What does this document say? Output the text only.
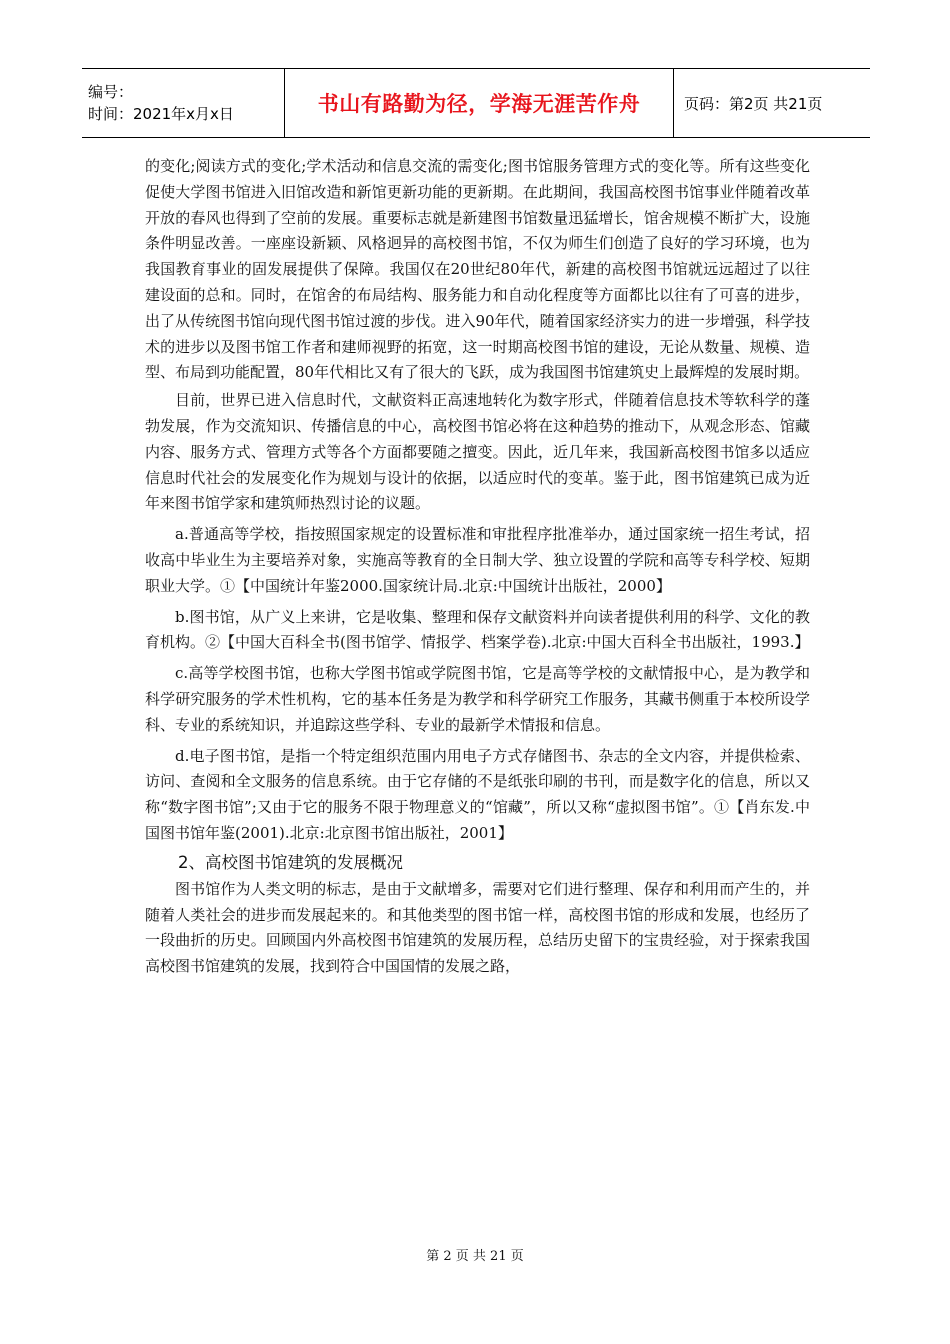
编号：
时间：2021年x月x日	书山有路勤为径，学海无涯苦作舟	页码：第2页 共21页

的变化;阅读方式的变化;学术活动和信息交流的需变化;图书馆服务管理方式的变化等。所有这些变化促使大学图书馆进入旧馆改造和新馆更新功能的更新期。在此期间，我国高校图书馆事业伴随着改革开放的春风也得到了空前的发展。重要标志就是新建图书馆数量迅猛增长，馆舍规模不断扩大，设施条件明显改善。一座座设新颖、风格迥异的高校图书馆，不仅为师生们创造了良好的学习环境，也为我国教育事业的固发展提供了保障。我国仅在20世纪80年代，新建的高校图书馆就远远超过了以往建设面的总和。同时，在馆舍的布局结构、服务能力和自动化程度等方面都比以往有了可喜的进步，出了从传统图书馆向现代图书馆过渡的步伐。进入90年代，随着国家经济实力的进一步增强，科学技术的进步以及图书馆工作者和建师视野的拓宽，这一时期高校图书馆的建设，无论从数量、规模、造型、布局到功能配置，80年代相比又有了很大的飞跃，成为我国图书馆建筑史上最辉煌的发展时期。

目前，世界已进入信息时代，文献资料正高速地转化为数字形式，伴随着信息技术等软科学的蓬勃发展，作为交流知识、传播信息的中心，高校图书馆必将在这种趋势的推动下，从观念形态、馆藏内容、服务方式、管理方式等各个方面都要随之擅变。因此，近几年来，我国新高校图书馆多以适应信息时代社会的发展变化作为规划与设计的依据，以适应时代的变革。鉴于此，图书馆建筑已成为近年来图书馆学家和建筑师热烈讨论的议题。

a.普通高等学校，指按照国家规定的设置标准和审批程序批准举办，通过国家统一招生考试，招收高中毕业生为主要培养对象，实施高等教育的全日制大学、独立设置的学院和高等专科学校、短期职业大学。①【中国统计年鉴2000.国家统计局.北京:中国统计出版社，2000】

b.图书馆，从广义上来讲，它是收集、整理和保存文献资料并向读者提供利用的科学、文化的教育机构。②【中国大百科全书(图书馆学、情报学、档案学卷).北京:中国大百科全书出版社，1993.】

c.高等学校图书馆，也称大学图书馆或学院图书馆，它是高等学校的文献情报中心，是为教学和科学研究服务的学术性机构，它的基本任务是为教学和科学研究工作服务，其藏书侧重于本校所设学科、专业的系统知识，并追踪这些学科、专业的最新学术情报和信息。

d.电子图书馆，是指一个特定组织范围内用电子方式存储图书、杂志的全文内容，并提供检索、访问、查阅和全文服务的信息系统。由于它存储的不是纸张印刷的书刊，而是数字化的信息，所以又称“数字图书馆”;又由于它的服务不限于物理意义的“馆藏”，所以又称“虚拟图书馆”。①【肖东发.中国图书馆年鉴(2001).北京:北京图书馆出版社，2001】

2、高校图书馆建筑的发展概况

图书馆作为人类文明的标志，是由于文献增多，需要对它们进行整理、保存和利用而产生的，并随着人类社会的进步而发展起来的。和其他类型的图书馆一样，高校图书馆的形成和发展，也经历了一段曲折的历史。回顾国内外高校图书馆建筑的发展历程，总结历史留下的宝贵经验，对于探索我国高校图书馆建筑的发展，找到符合中国国情的发展之路，

第 2 页 共 21 页
